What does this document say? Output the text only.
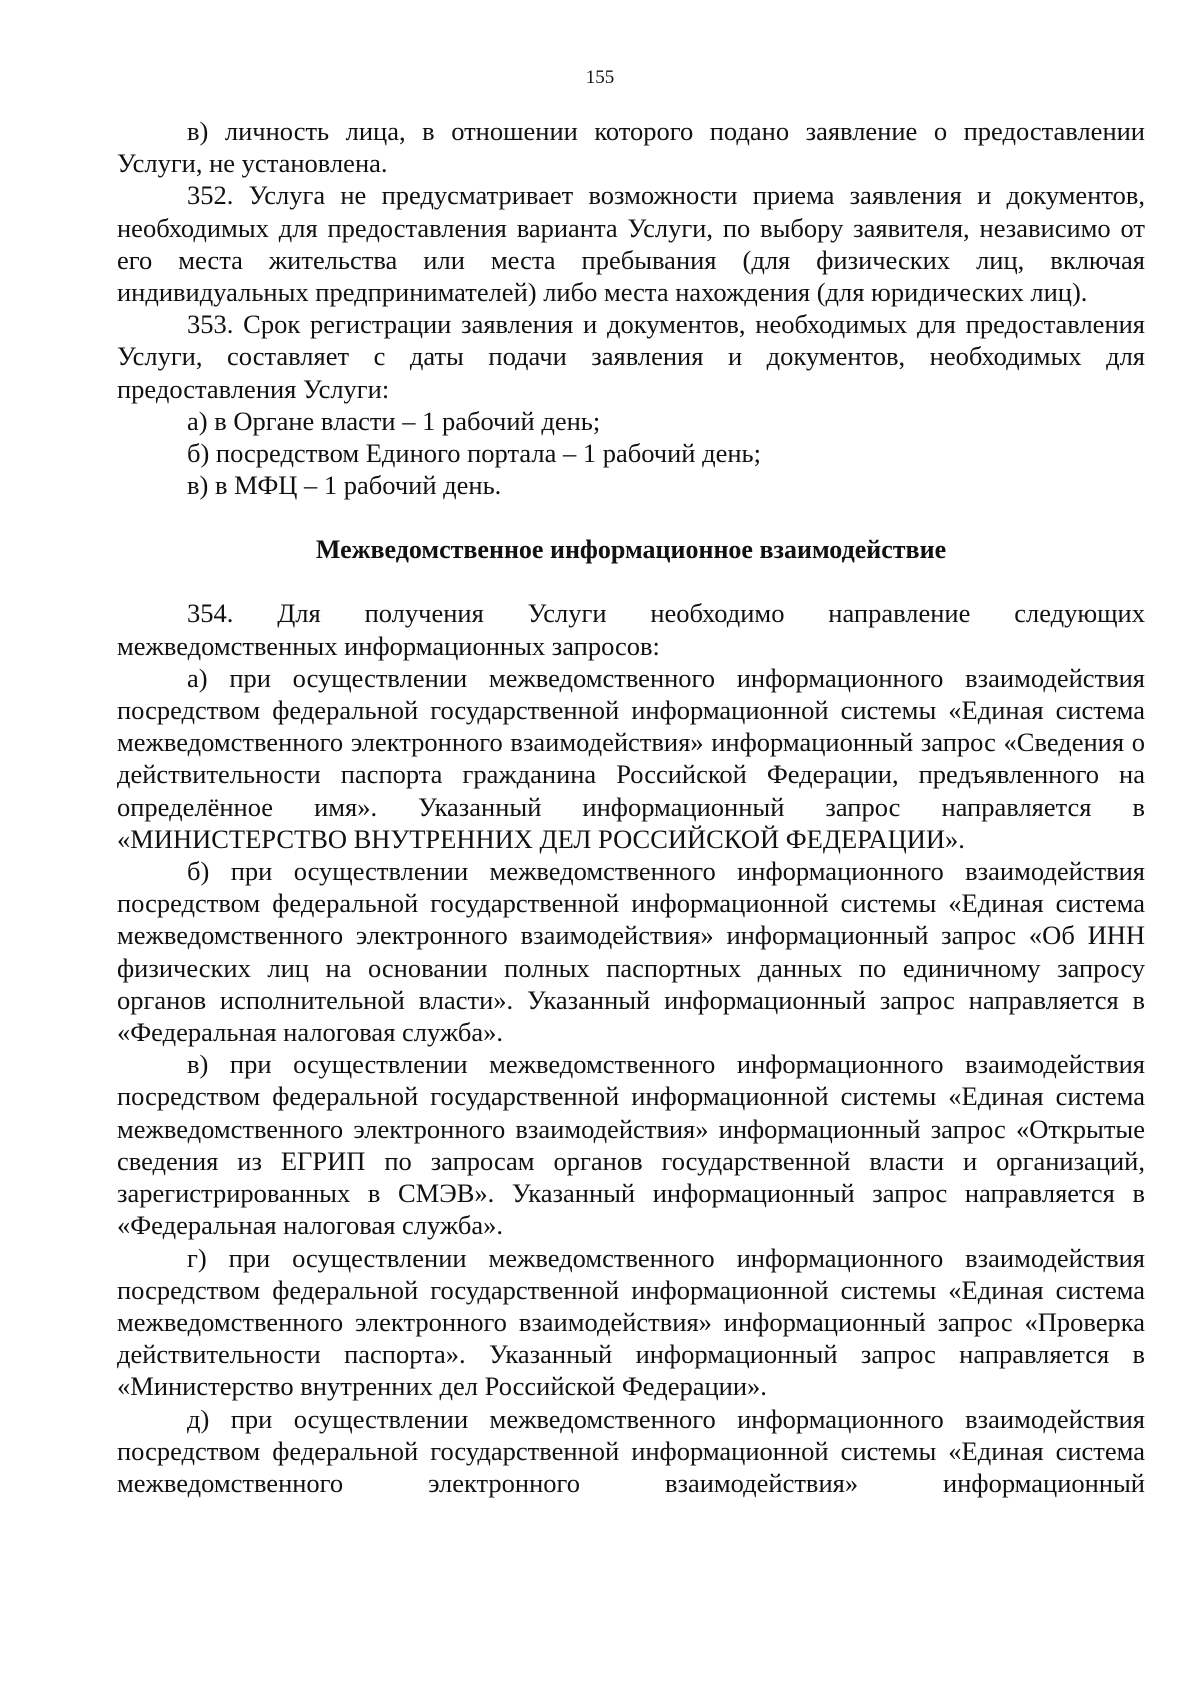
155

в) личность лица, в отношении которого подано заявление о предоставлении Услуги, не установлена.

352. Услуга не предусматривает возможности приема заявления и документов, необходимых для предоставления варианта Услуги, по выбору заявителя, независимо от его места жительства или места пребывания (для физических лиц, включая индивидуальных предпринимателей) либо места нахождения (для юридических лиц).

353. Срок регистрации заявления и документов, необходимых для предоставления Услуги, составляет с даты подачи заявления и документов, необходимых для предоставления Услуги:

а) в Органе власти – 1 рабочий день;

б) посредством Единого портала – 1 рабочий день;

в) в МФЦ – 1 рабочий день.

Межведомственное информационное взаимодействие

354. Для получения Услуги необходимо направление следующих межведомственных информационных запросов:

а) при осуществлении межведомственного информационного взаимодействия посредством федеральной государственной информационной системы «Единая система межведомственного электронного взаимодействия» информационный запрос «Сведения о действительности паспорта гражданина Российской Федерации, предъявленного на определённое имя». Указанный информационный запрос направляется в «МИНИСТЕРСТВО ВНУТРЕННИХ ДЕЛ РОССИЙСКОЙ ФЕДЕРАЦИИ».

б) при осуществлении межведомственного информационного взаимодействия посредством федеральной государственной информационной системы «Единая система межведомственного электронного взаимодействия» информационный запрос «Об ИНН физических лиц на основании полных паспортных данных по единичному запросу органов исполнительной власти». Указанный информационный запрос направляется в «Федеральная налоговая служба».

в) при осуществлении межведомственного информационного взаимодействия посредством федеральной государственной информационной системы «Единая система межведомственного электронного взаимодействия» информационный запрос «Открытые сведения из ЕГРИП по запросам органов государственной власти и организаций, зарегистрированных в СМЭВ». Указанный информационный запрос направляется в «Федеральная налоговая служба».

г) при осуществлении межведомственного информационного взаимодействия посредством федеральной государственной информационной системы «Единая система межведомственного электронного взаимодействия» информационный запрос «Проверка действительности паспорта». Указанный информационный запрос направляется в «Министерство внутренних дел Российской Федерации».

д) при осуществлении межведомственного информационного взаимодействия посредством федеральной государственной информационной системы «Единая система межведомственного электронного взаимодействия» информационный
